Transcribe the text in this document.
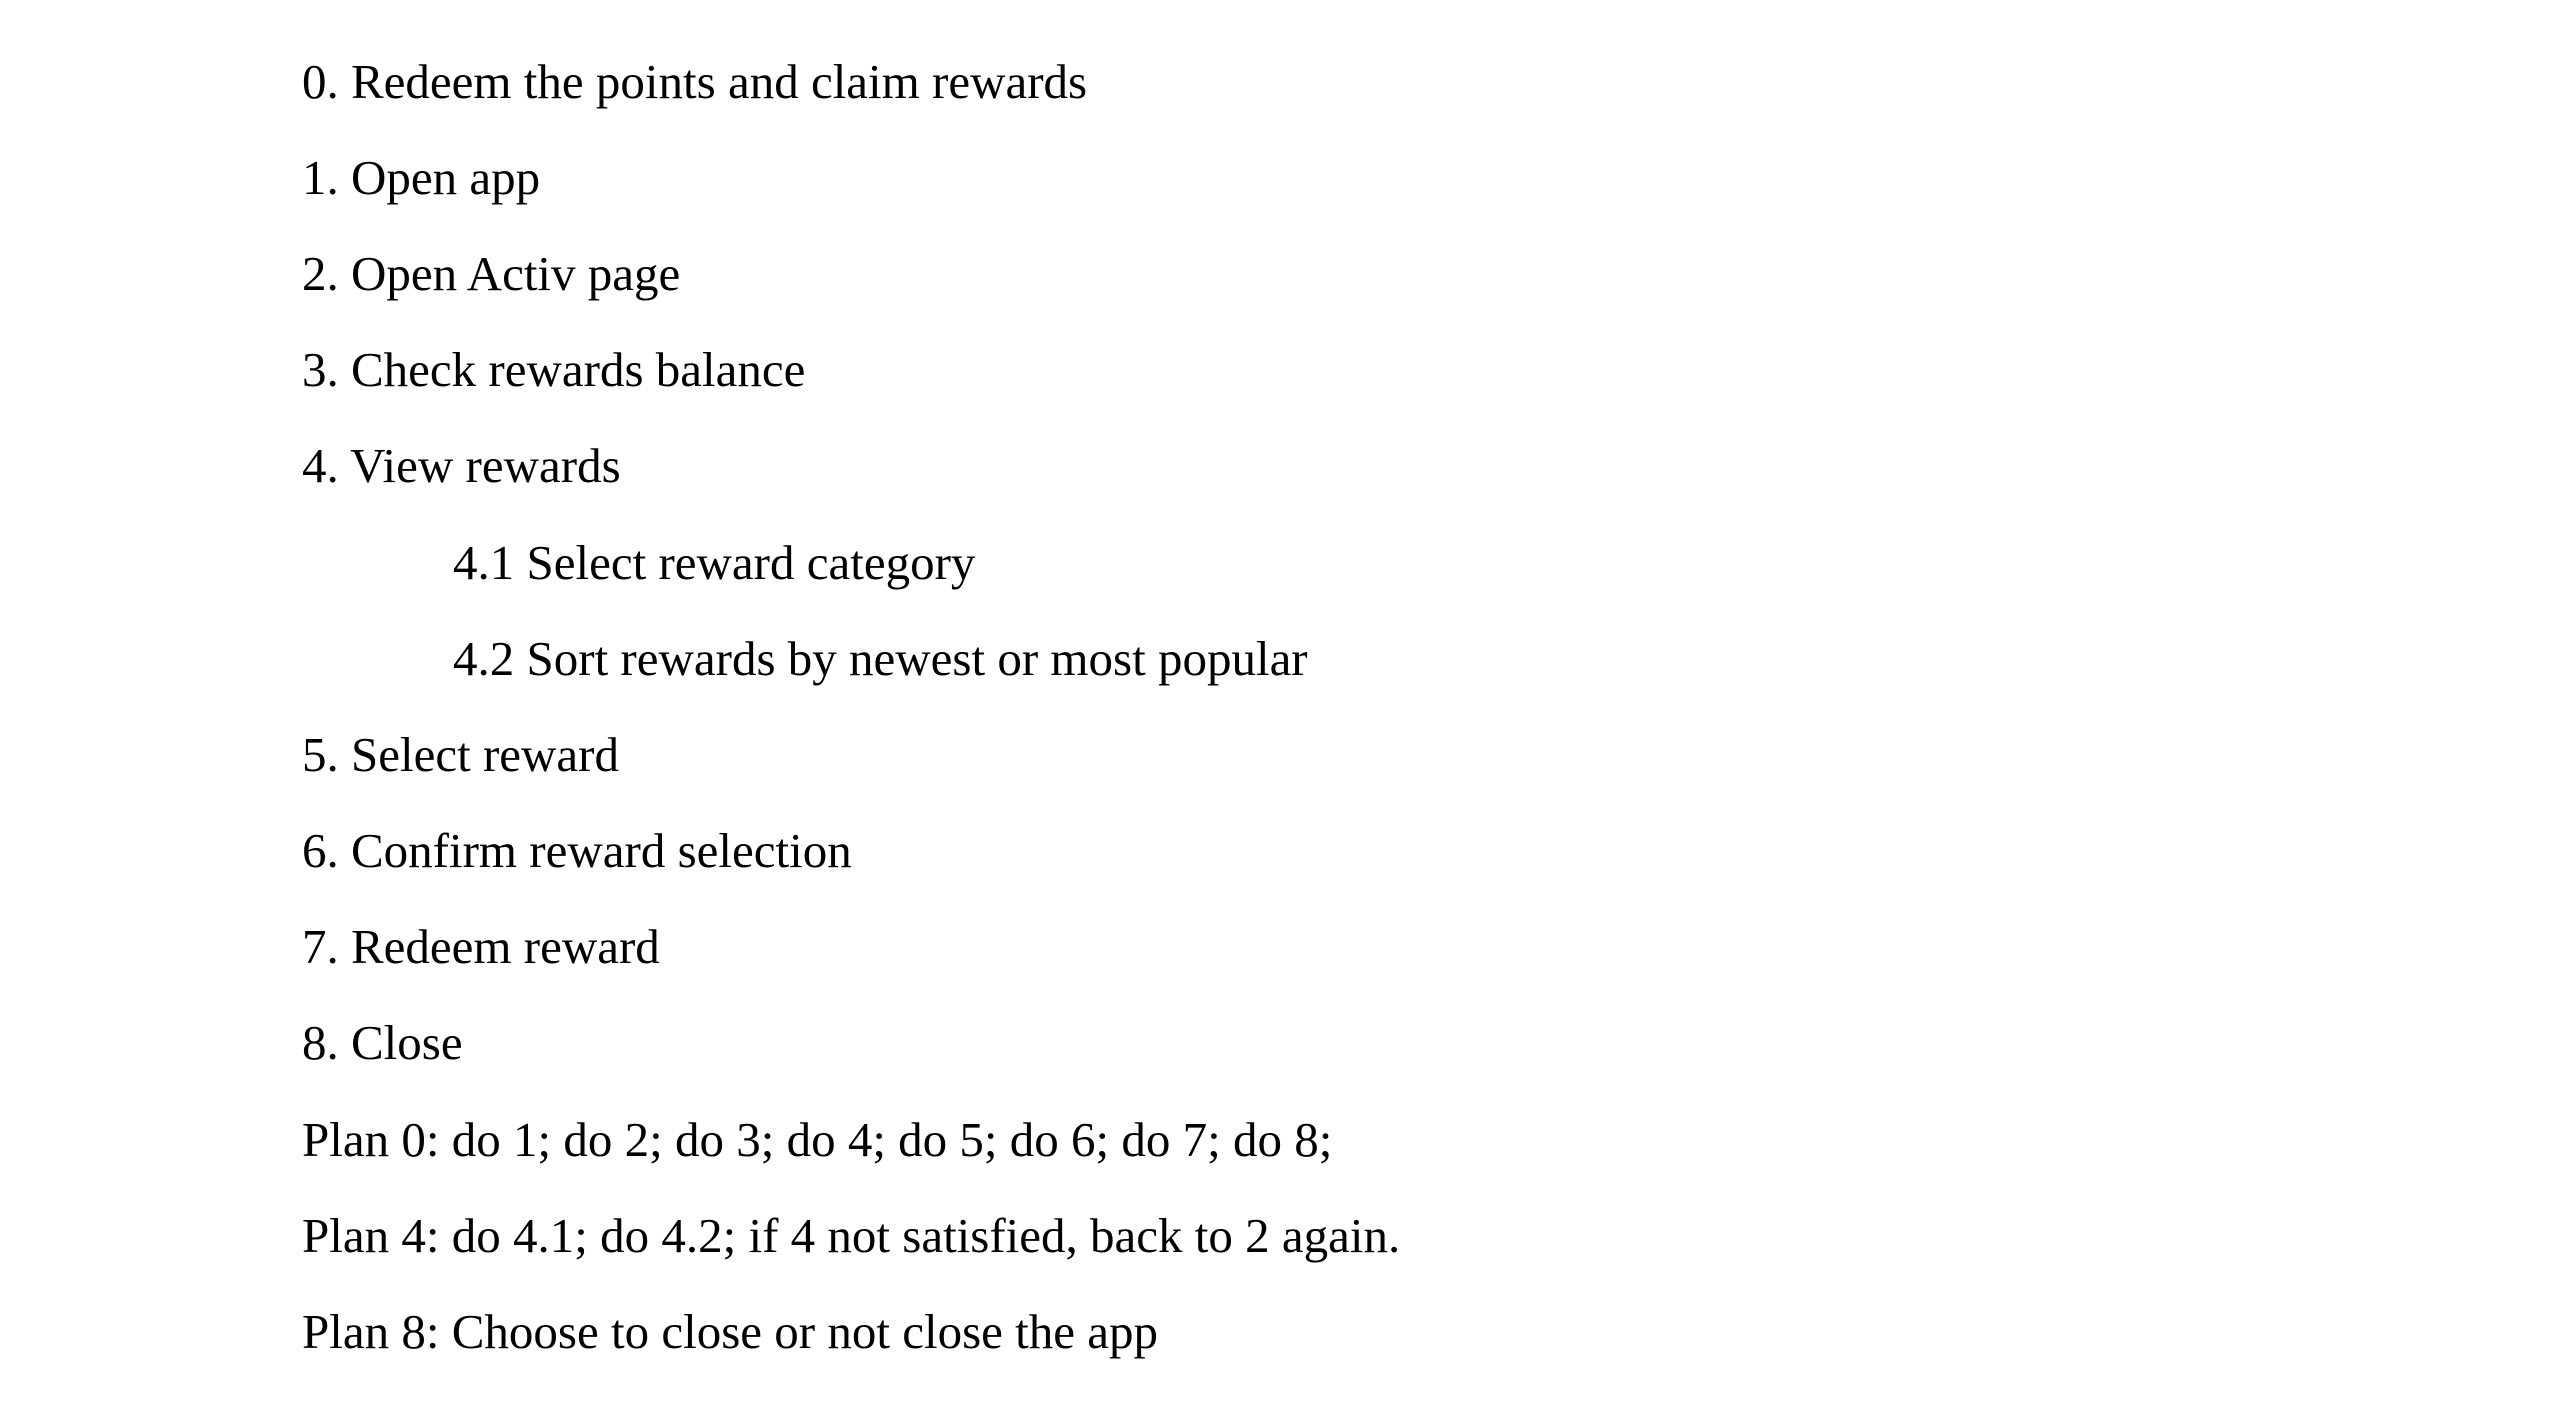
0. Redeem the points and claim rewards
1. Open app
2. Open Activ page
3. Check rewards balance
4. View rewards
4.1 Select reward category
4.2 Sort rewards by newest or most popular
5. Select reward
6. Confirm reward selection
7. Redeem reward
8. Close
Plan 0: do 1; do 2; do 3; do 4; do 5; do 6; do 7; do 8;
Plan 4: do 4.1; do 4.2; if 4 not satisfied, back to 2 again.
Plan 8: Choose to close or not close the app
